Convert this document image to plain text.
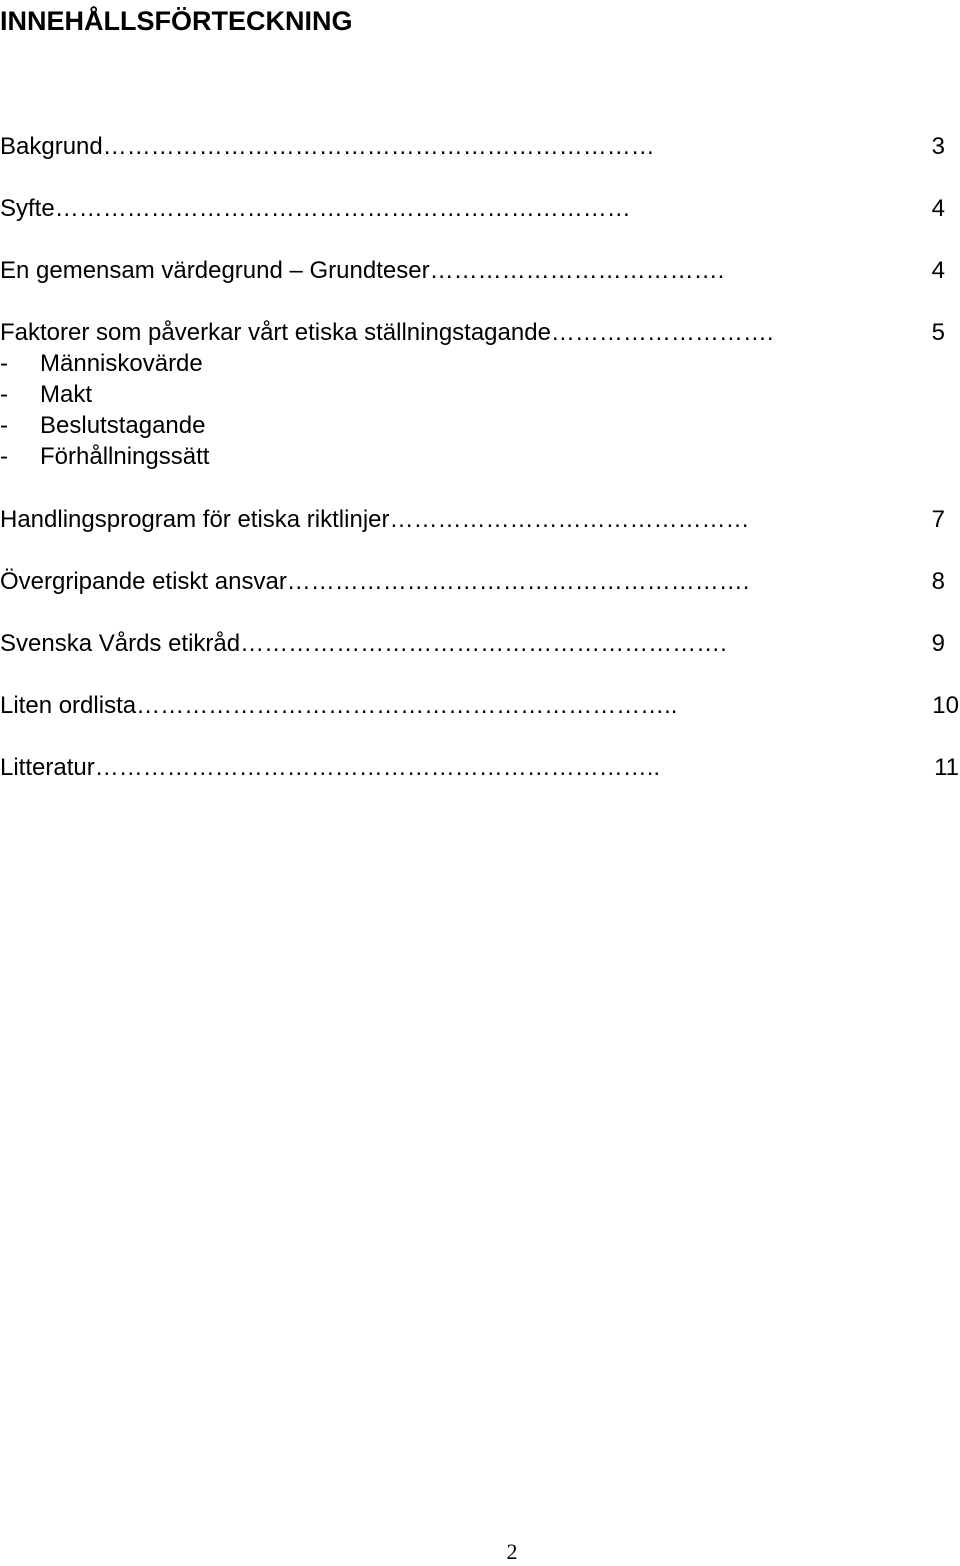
INNEHÅLLSFÖRTECKNING
Bakgrund……………………………………………………………	3
Syfte………………………………………………………………	4
En gemensam värdegrund – Grundteser……………………………….	4
Faktorer som påverkar vårt etiska ställningstagande……………………….	5
- Människovärde
- Makt
- Beslutstagande
- Förhållningssätt
Handlingsprogram för etiska riktlinjer………………………………………	7
Övergripande etiskt ansvar………………………………………………….	8
Svenska Vårds etikråd…………………………………………………….	9
Liten ordlista…………………………………………………………..	10
Litteratur……………………………………………………………..	11
2
